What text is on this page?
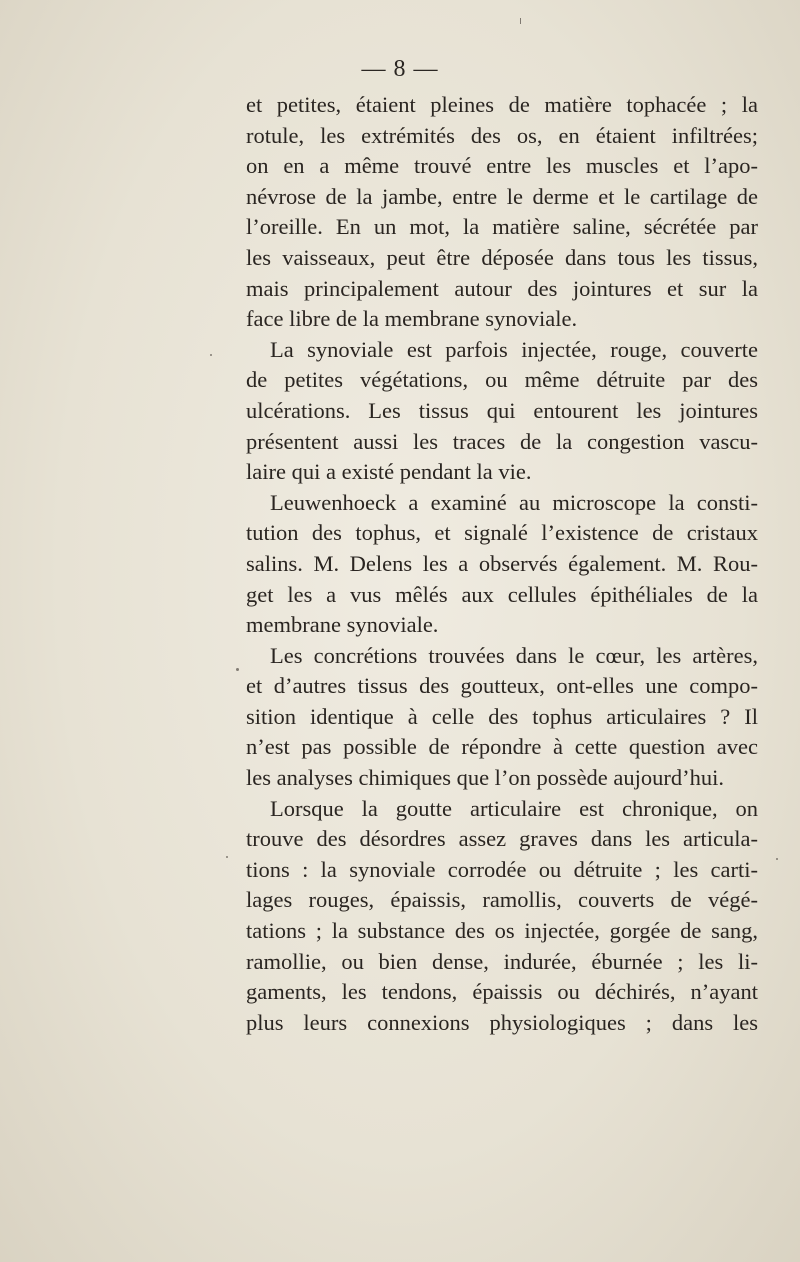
— 8 —
et petites, étaient pleines de matière tophacée ; la
rotule, les extrémités des os, en étaient infiltrées;
on en a même trouvé entre les muscles et l’apo-
névrose de la jambe, entre le derme et le cartilage de
l’oreille. En un mot, la matière saline, sécrétée par
les vaisseaux, peut être déposée dans tous les tissus,
mais principalement autour des jointures et sur la
face libre de la membrane synoviale.
La synoviale est parfois injectée, rouge, couverte
de petites végétations, ou même détruite par des
ulcérations. Les tissus qui entourent les jointures
présentent aussi les traces de la congestion vascu-
laire qui a existé pendant la vie.
Leuwenhoeck a examiné au microscope la consti-
tution des tophus, et signalé l’existence de cristaux
salins. M. Delens les a observés également. M. Rou-
get les a vus mêlés aux cellules épithéliales de la
membrane synoviale.
Les concrétions trouvées dans le cœur, les artères,
et d’autres tissus des goutteux, ont-elles une compo-
sition identique à celle des tophus articulaires ? Il
n’est pas possible de répondre à cette question avec
les analyses chimiques que l’on possède aujourd’hui.
Lorsque la goutte articulaire est chronique, on
trouve des désordres assez graves dans les articula-
tions : la synoviale corrodée ou détruite ; les carti-
lages rouges, épaissis, ramollis, couverts de végé-
tations ; la substance des os injectée, gorgée de sang,
ramollie, ou bien dense, indurée, éburnée ; les li-
gaments, les tendons, épaissis ou déchirés, n’ayant
plus leurs connexions physiologiques ; dans les
